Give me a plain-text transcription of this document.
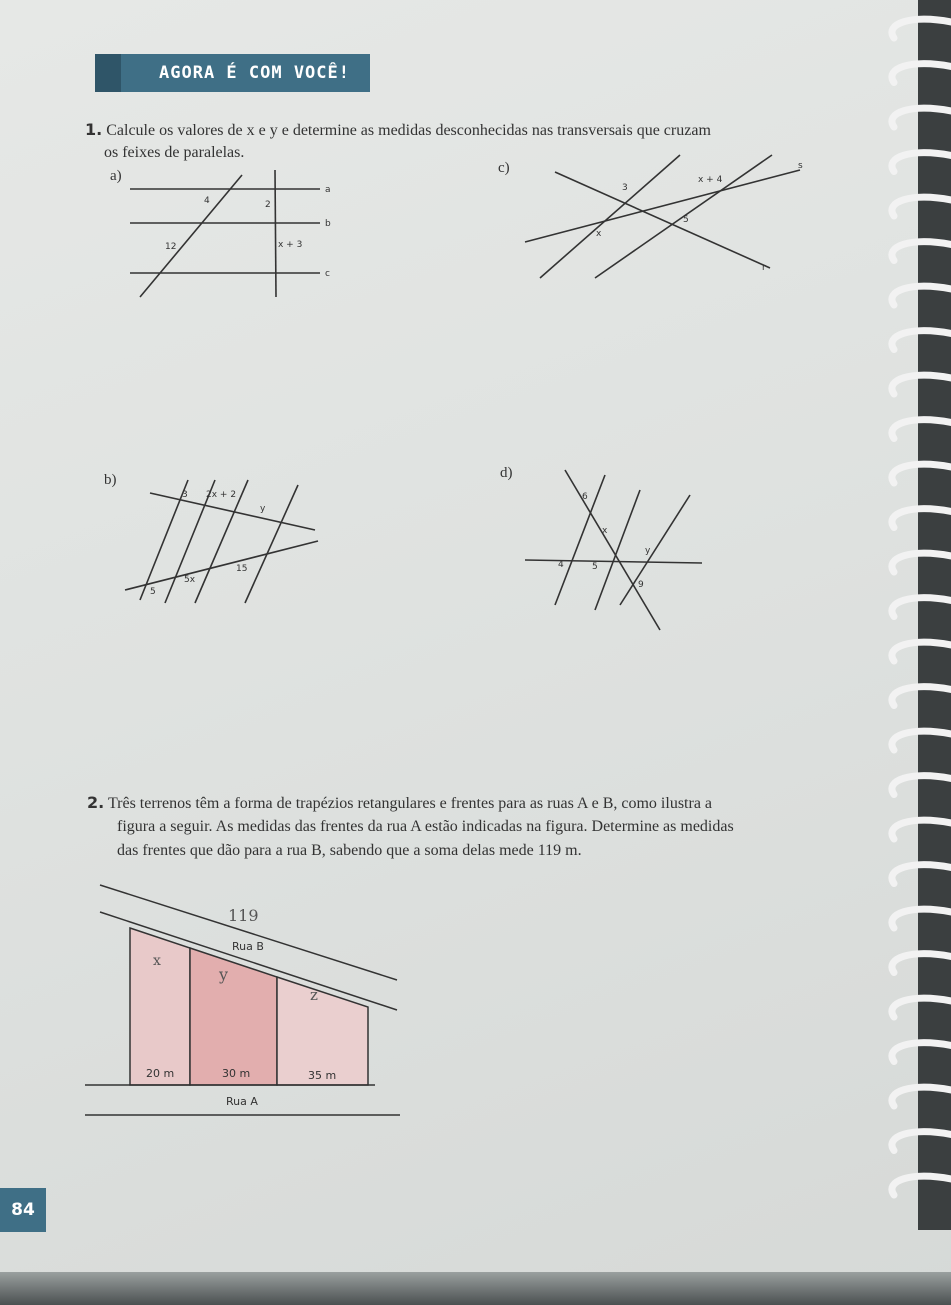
AGORA É COM VOCÊ!
1. Calcule os valores de x e y e determine as medidas desconhecidas nas transversais que cruzam
os feixes de paralelas.
a)
a
b
c
4	2
12	x + 3
c)
3
x + 4
5
x
s
r
b)
3 2x + 2
y
15
5x
5
d)
6
x
y
4	5
9
2. Três terrenos têm a forma de trapézios retangulares e frentes para as ruas A e B, como ilustra a
figura a seguir. As medidas das frentes da rua A estão indicadas na figura. Determine as medidas
das frentes que dão para a rua B, sabendo que a soma delas mede 119 m.
119
Rua B
x
y
z
20 m	30 m	35 m
Rua A
84
